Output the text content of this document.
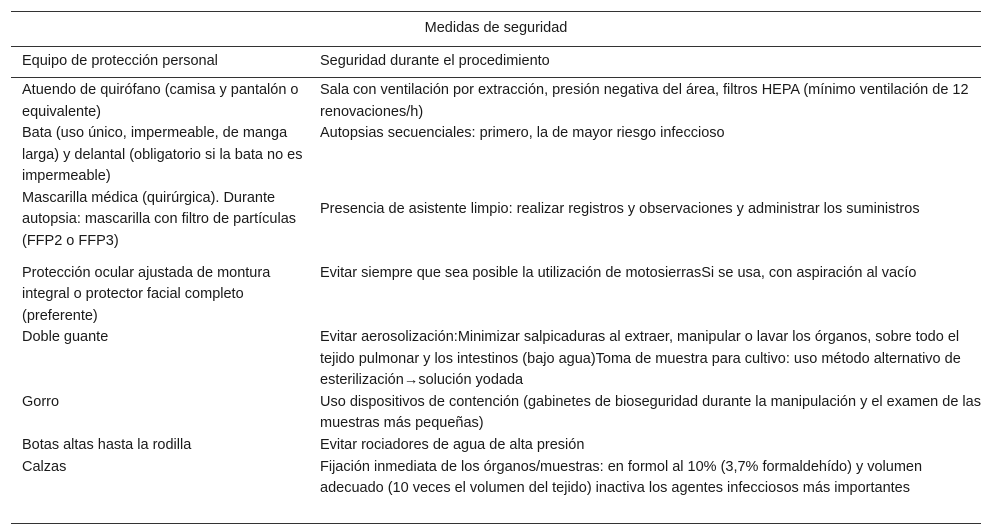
Medidas de seguridad	
Equipo de protección personal	Seguridad durante el procedimiento
Atuendo de quirófano (camisa y pantalón o equivalente)	Sala con ventilación por extracción, presión negativa del área, filtros HEPA (mínimo ventilación de 12 renovaciones/h)
Bata (uso único, impermeable, de manga larga) y delantal (obligatorio si la bata no es impermeable)	Autopsias secuenciales: primero, la de mayor riesgo infeccioso
Mascarilla médica (quirúrgica). Durante autopsia: mascarilla con filtro de partículas (FFP2 o FFP3)	Presencia de asistente limpio: realizar registros y observaciones y administrar los suministros
Protección ocular ajustada de montura integral o protector facial completo (preferente)	Evitar siempre que sea posible la utilización de motosierrasSi se usa, con aspiración al vacío
Doble guante	Evitar aerosolización:Minimizar salpicaduras al extraer, manipular o lavar los órganos, sobre todo el tejido pulmonar y los intestinos (bajo agua)Toma de muestra para cultivo: uso método alternativo de esterilización→solución yodada
Gorro	Uso dispositivos de contención (gabinetes de bioseguridad durante la manipulación y el examen de las muestras más pequeñas)
Botas altas hasta la rodilla	Evitar rociadores de agua de alta presión
Calzas	Fijación inmediata de los órganos/muestras: en formol al 10% (3,7% formaldehído) y volumen adecuado (10 veces el volumen del tejido) inactiva los agentes infecciosos más importantes
